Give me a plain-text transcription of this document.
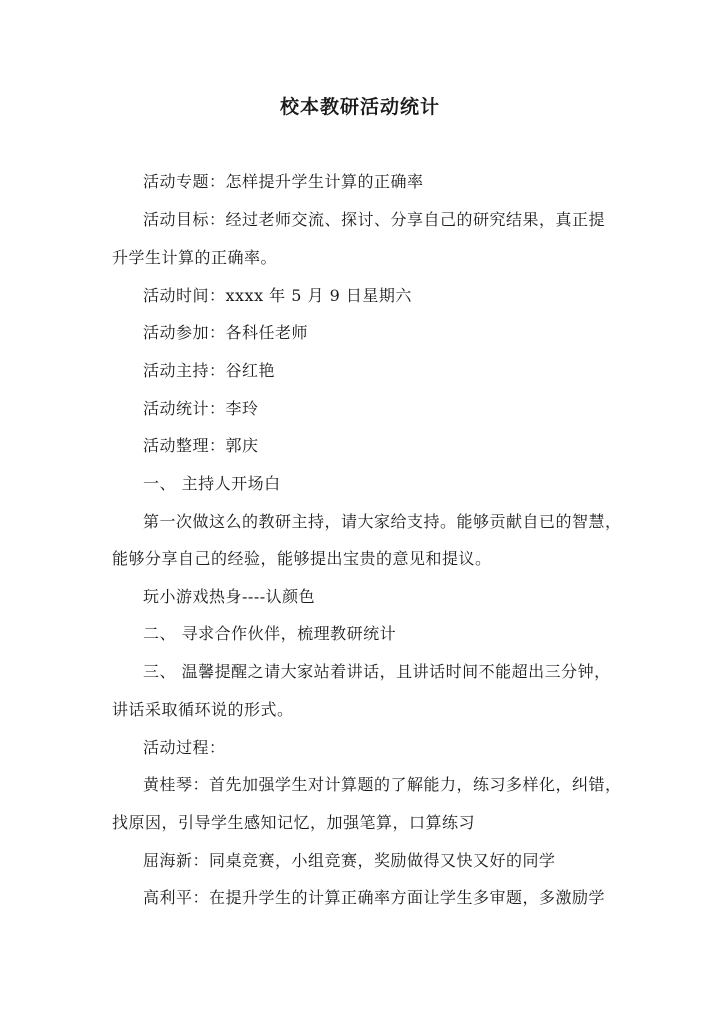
校本教研活动统计
活动专题：怎样提升学生计算的正确率
活动目标：经过老师交流、探讨、分享自己的研究结果，真正提
升学生计算的正确率。
活动时间：xxxx 年 5 月 9 日星期六
活动参加：各科任老师
活动主持：谷红艳
活动统计：李玲
活动整理：郭庆
一、 主持人开场白
第一次做这么的教研主持，请大家给支持。能够贡献自已的智慧，
能够分享自己的经验，能够提出宝贵的意见和提议。
玩小游戏热身----认颜色
二、 寻求合作伙伴，梳理教研统计
三、 温馨提醒之请大家站着讲话，且讲话时间不能超出三分钟，
讲话采取循环说的形式。
活动过程：
黄桂琴：首先加强学生对计算题的了解能力，练习多样化，纠错，
找原因，引导学生感知记忆，加强笔算，口算练习
屈海新：同桌竞赛，小组竞赛，奖励做得又快又好的同学
高利平：在提升学生的计算正确率方面让学生多审题，多激励学
